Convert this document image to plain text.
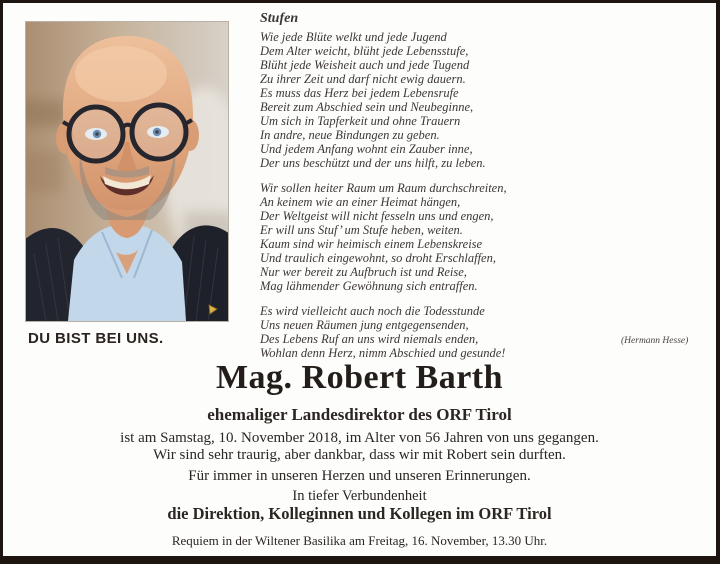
DU BIST BEI UNS.
Stufen
Wie jede Blüte welkt und jede Jugend
Dem Alter weicht, blüht jede Lebensstufe,
Blüht jede Weisheit auch und jede Tugend
Zu ihrer Zeit und darf nicht ewig dauern.
Es muss das Herz bei jedem Lebensrufe
Bereit zum Abschied sein und Neubeginne,
Um sich in Tapferkeit und ohne Trauern
In andre, neue Bindungen zu geben.
Und jedem Anfang wohnt ein Zauber inne,
Der uns beschützt und der uns hilft, zu leben.
Wir sollen heiter Raum um Raum durchschreiten,
An keinem wie an einer Heimat hängen,
Der Weltgeist will nicht fesseln uns und engen,
Er will uns Stuf’ um Stufe heben, weiten.
Kaum sind wir heimisch einem Lebenskreise
Und traulich eingewohnt, so droht Erschlaffen,
Nur wer bereit zu Aufbruch ist und Reise,
Mag lähmender Gewöhnung sich entraffen.
Es wird vielleicht auch noch die Todesstunde
Uns neuen Räumen jung entgegensenden,
Des Lebens Ruf an uns wird niemals enden,
Wohlan denn Herz, nimm Abschied und gesunde!
(Hermann Hesse)
Mag. Robert Barth
ehemaliger Landesdirektor des ORF Tirol
ist am Samstag, 10. November 2018, im Alter von 56 Jahren von uns gegangen.
Wir sind sehr traurig, aber dankbar, dass wir mit Robert sein durften.
Für immer in unseren Herzen und unseren Erinnerungen.
In tiefer Verbundenheit
die Direktion, Kolleginnen und Kollegen im ORF Tirol
Requiem in der Wiltener Basilika am Freitag, 16. November, 13.30 Uhr.
